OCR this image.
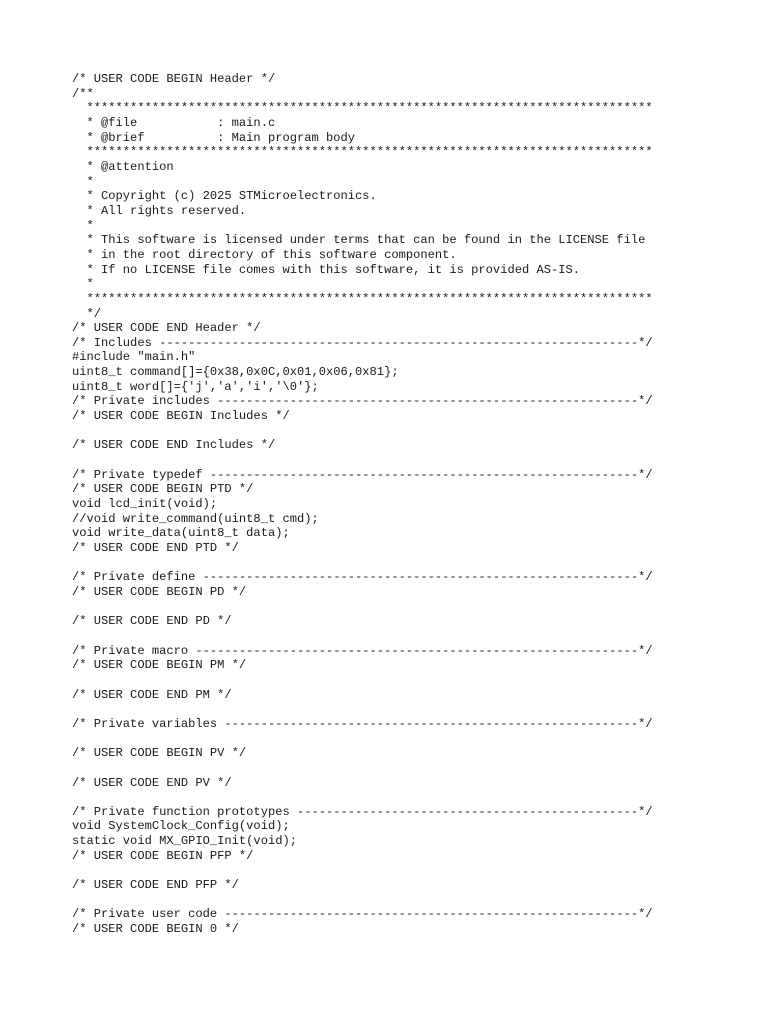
/* USER CODE BEGIN Header */
/**
******************************************************************************
* @file           : main.c
* @brief          : Main program body
******************************************************************************
* @attention
*
* Copyright (c) 2025 STMicroelectronics.
* All rights reserved.
*
* This software is licensed under terms that can be found in the LICENSE file
* in the root directory of this software component.
* If no LICENSE file comes with this software, it is provided AS-IS.
*
******************************************************************************
*/
/* USER CODE END Header */
/* Includes ------------------------------------------------------------------*/
#include "main.h"
uint8_t command[]={0x38,0x0C,0x01,0x06,0x81};
uint8_t word[]={'j','a','i','\0'};
/* Private includes ----------------------------------------------------------*/
/* USER CODE BEGIN Includes */
/* USER CODE END Includes */
/* Private typedef -----------------------------------------------------------*/
/* USER CODE BEGIN PTD */
void lcd_init(void);
//void write_command(uint8_t cmd);
void write_data(uint8_t data);
/* USER CODE END PTD */
/* Private define ------------------------------------------------------------*/
/* USER CODE BEGIN PD */
/* USER CODE END PD */
/* Private macro -------------------------------------------------------------*/
/* USER CODE BEGIN PM */
/* USER CODE END PM */
/* Private variables ---------------------------------------------------------*/
/* USER CODE BEGIN PV */
/* USER CODE END PV */
/* Private function prototypes -----------------------------------------------*/
void SystemClock_Config(void);
static void MX_GPIO_Init(void);
/* USER CODE BEGIN PFP */
/* USER CODE END PFP */
/* Private user code ---------------------------------------------------------*/
/* USER CODE BEGIN 0 */
